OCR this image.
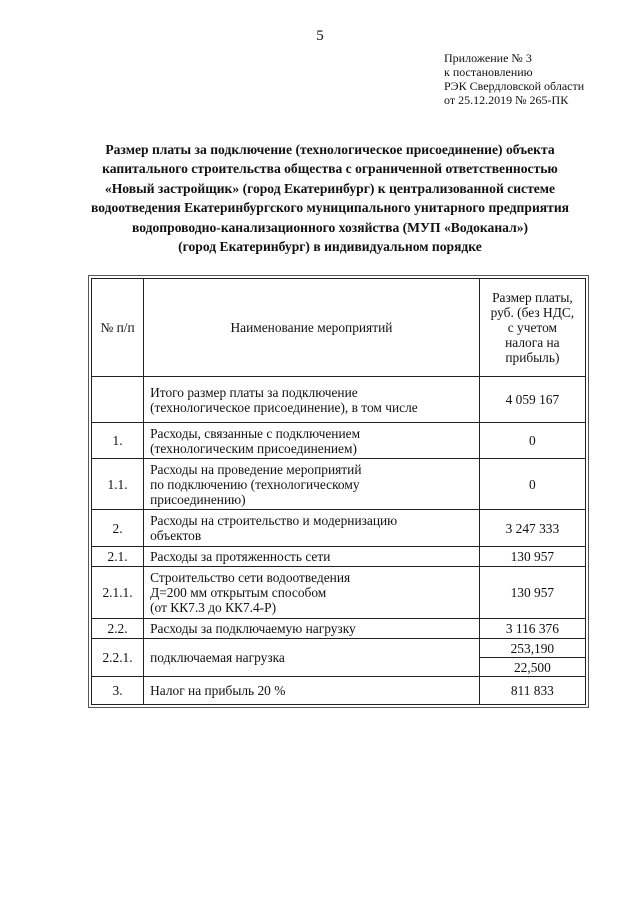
5
Приложение № 3
к постановлению
РЭК Свердловской области
от 25.12.2019 № 265-ПК
Размер платы за подключение (технологическое присоединение) объекта
капитального строительства общества с ограниченной ответственностью
«Новый застройщик» (город Екатеринбург) к централизованной системе
водоотведения Екатеринбургского муниципального унитарного предприятия
водопроводно-канализационного хозяйства (МУП «Водоканал»)
(город Екатеринбург) в индивидуальном порядке
№ п/п	Наименование мероприятий	Размер платы,
руб. (без НДС,
с учетом
налога на
прибыль)

	Итого размер платы за подключение
(технологическое присоединение), в том числе	4 059 167
1.	Расходы, связанные с подключением
(технологическим присоединением)	0
1.1.	Расходы на проведение мероприятий
по подключению (технологическому
присоединению)	0
2.	Расходы на строительство и модернизацию
объектов	3 247 333
2.1.	Расходы за протяженность сети	130 957
2.1.1.	Строительство сети водоотведения
Д=200 мм открытым способом
(от КК7.3 до КК7.4-Р)	130 957
2.2.	Расходы за подключаемую нагрузку	3 116 376
2.2.1.	подключаемая нагрузка	253,190
		22,500
3.	Налог на прибыль 20 %	811 833
